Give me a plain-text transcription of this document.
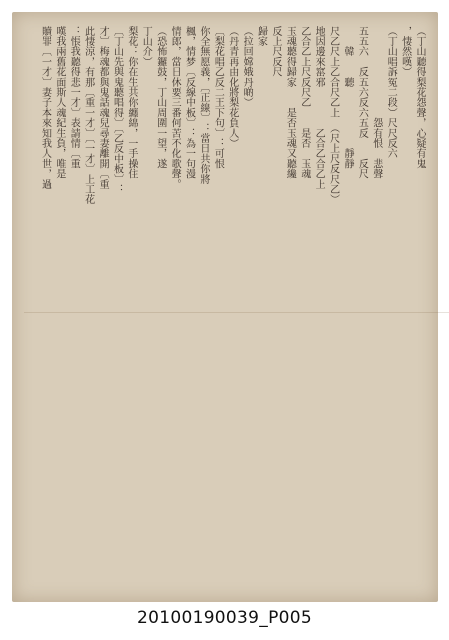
（丁山聽得梨花怨聲，心疑有鬼
，悽然嘆）
（丁山唱訴冤二段）尺尺反六
　　　　　　　　　怨有恨　悲聲
五五六　反五六反六五反　　反尺
　　韓　　聽　　　　　　靜靜
尺乙尺上乙合尺乙上　（尺上尺反尺乙）
地因邊來窰邪　　　　乙合乙合乙上
乙合乙上尺反尺乙　　是否　玉魂
玉魂聽得歸家　　是否玉魂又聽纔
反上尺反尺
歸家
（拉回嫦娥丹啲）
（丹青再由化將梨花負人）
〔梨花唱乙反二王下句〕：可恨
你全無愿義，〔正線〕：當日共你將
楓，情梦〔反線中板〕：為一句漫
情郎，當日休要三番何苦不化歌聲。
（恐怖鑼鼓，丁山周圍一望，遂
丁山介）
梨花：你在生共你纏綿，一手操住
〔丁山先與鬼聽唱得〕〔乙反中板〕：
才〕梅魂都與鬼話魂兒尋妻離開〔重
此悽涼，有那〔重一才〕〔一才〕上工花
：悵我聽得悲一才〕表請情〔重
嘆我兩舊花面斯人魂紀生負，唯是
贖罪〔一才〕妻子本來知我人世，過
20100190039_P005
